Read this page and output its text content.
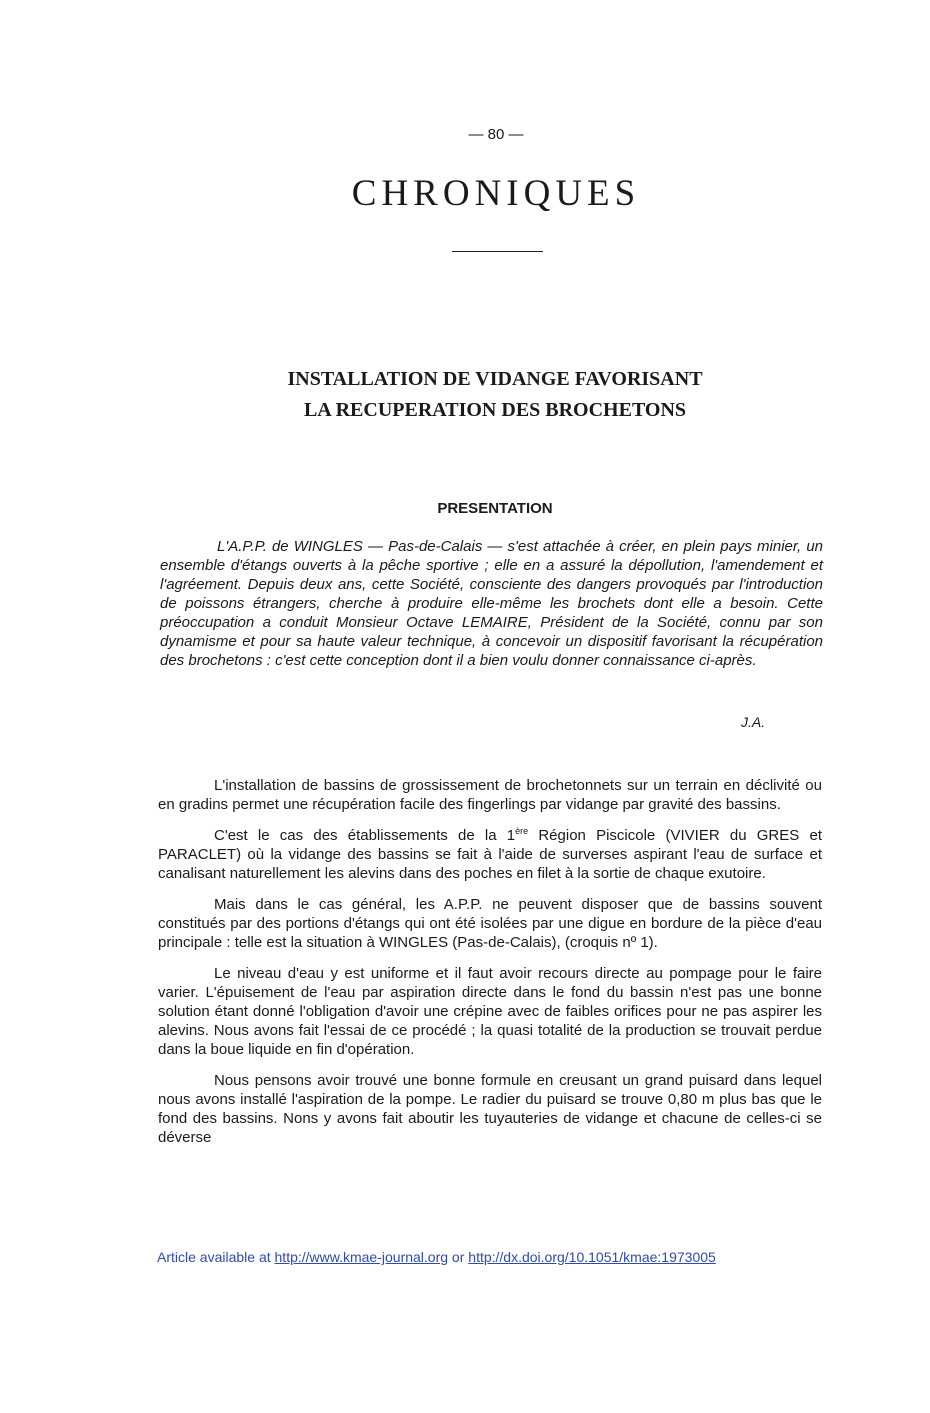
— 80 —
CHRONIQUES
INSTALLATION DE VIDANGE FAVORISANT
LA RECUPERATION DES BROCHETONS
PRESENTATION
L'A.P.P. de WINGLES — Pas-de-Calais — s'est attachée à créer, en plein pays minier, un ensemble d'étangs ouverts à la pêche sportive ; elle en a assuré la dépollution, l'amendement et l'agréement. Depuis deux ans, cette Société, consciente des dangers provoqués par l'introduction de poissons étrangers, cherche à produire elle-même les brochets dont elle a besoin. Cette préoccupation a conduit Monsieur Octave LEMAIRE, Président de la Société, connu par son dynamisme et pour sa haute valeur technique, à concevoir un dispositif favorisant la récupération des brochetons : c'est cette conception dont il a bien voulu donner connaissance ci-après.
J.A.

L'installation de bassins de grossissement de brochetonnets sur un terrain en déclivité ou en gradins permet une récupération facile des fingerlings par vidange par gravité des bassins.

C'est le cas des établissements de la 1ère Région Piscicole (VIVIER du GRES et PARACLET) où la vidange des bassins se fait à l'aide de surverses aspirant l'eau de surface et canalisant naturellement les alevins dans des poches en filet à la sortie de chaque exutoire.

Mais dans le cas général, les A.P.P. ne peuvent disposer que de bassins souvent constitués par des portions d'étangs qui ont été isolées par une digue en bordure de la pièce d'eau principale : telle est la situation à WINGLES (Pas-de-Calais), (croquis nº 1).

Le niveau d'eau y est uniforme et il faut avoir recours directe au pompage pour le faire varier. L'épuisement de l'eau par aspiration directe dans le fond du bassin n'est pas une bonne solution étant donné l'obligation d'avoir une crépine avec de faibles orifices pour ne pas aspirer les alevins. Nous avons fait l'essai de ce procédé ; la quasi totalité de la production se trouvait perdue dans la boue liquide en fin d'opération.

Nous pensons avoir trouvé une bonne formule en creusant un grand puisard dans lequel nous avons installé l'aspiration de la pompe. Le radier du puisard se trouve 0,80 m plus bas que le fond des bassins. Nons y avons fait aboutir les tuyauteries de vidange et chacune de celles-ci se déverse

Article available at http://www.kmae-journal.org or http://dx.doi.org/10.1051/kmae:1973005
